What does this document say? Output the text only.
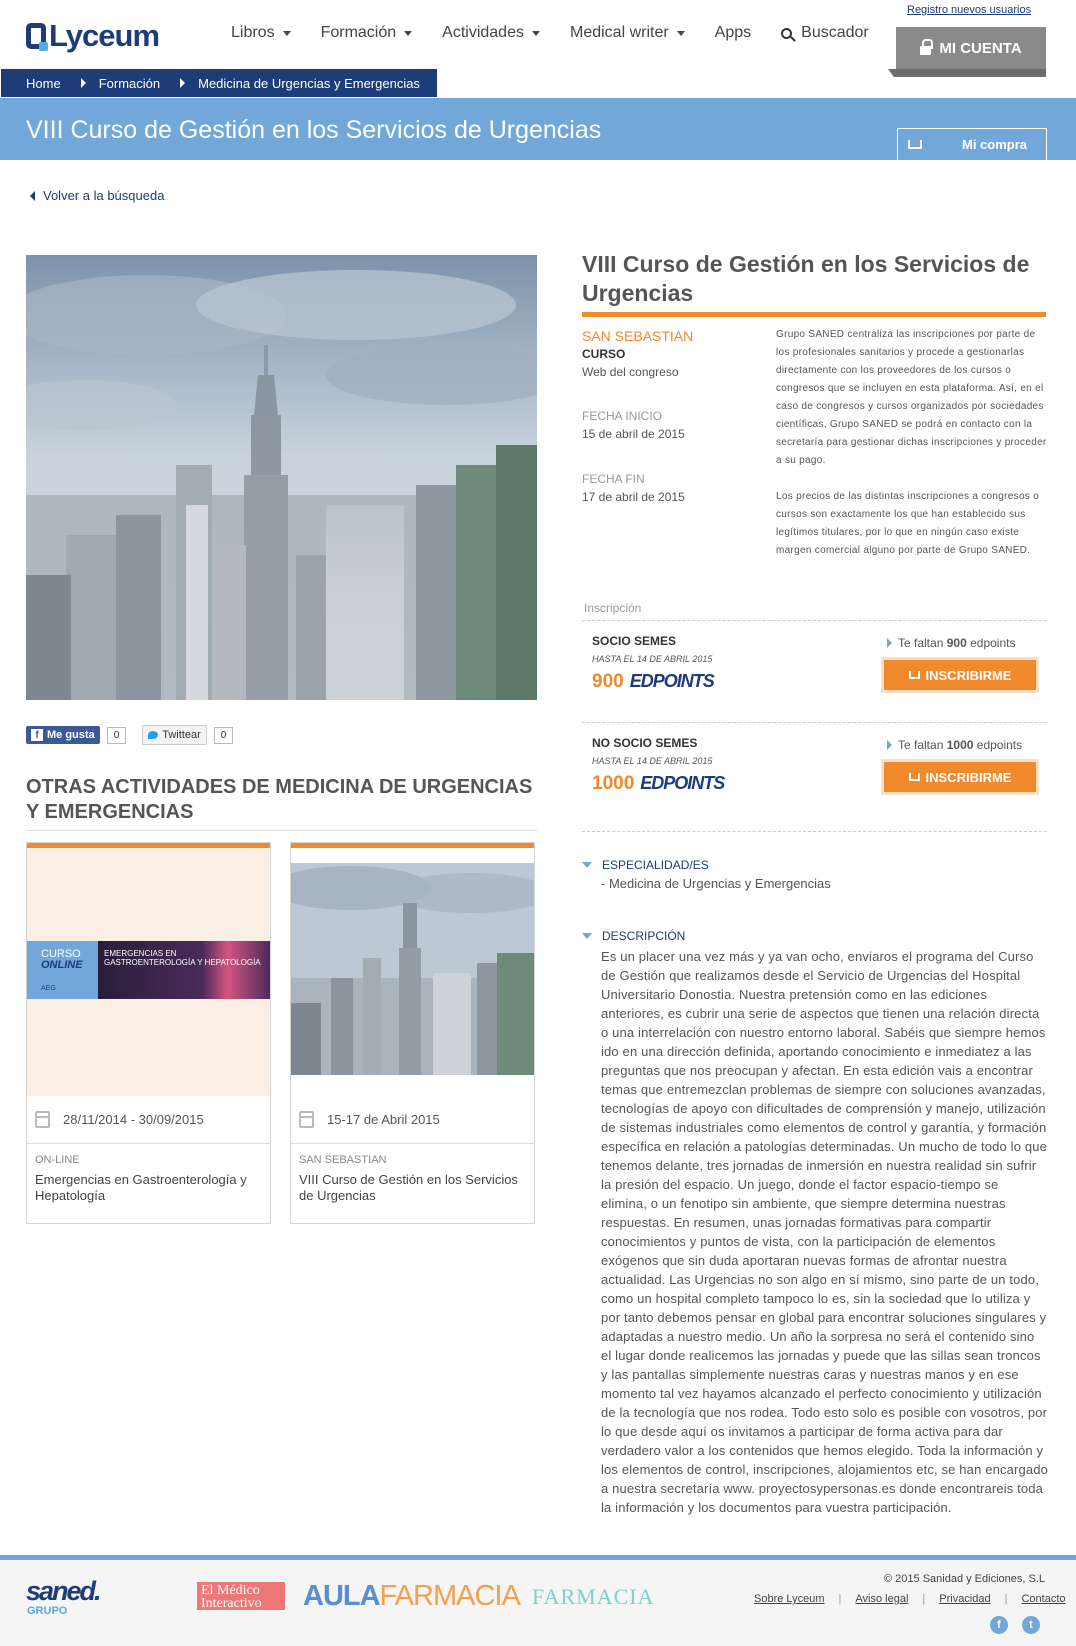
Lyceum	Libros	Formación	Actividades	Medical writer	Apps	Buscador
Registro nuevos usuarios
MI CUENTA
Home	Formación	Medicina de Urgencias y Emergencias
VIII Curso de Gestión en los Servicios de Urgencias
Mi compra
Volver a la búsqueda
f Me gusta	0	Twittear	0
OTRAS ACTIVIDADES DE MEDICINA DE URGENCIAS Y EMERGENCIAS
CURSO
ONLINE
AEG
EMERGENCIAS EN GASTROENTEROLOGÍA Y HEPATOLOGÍA
28/11/2014 - 30/09/2015
ON-LINE
Emergencias en Gastroenterología y Hepatología
15-17 de Abril 2015
SAN SEBASTIAN
VIII Curso de Gestión en los Servicios de Urgencias
VIII Curso de Gestión en los Servicios de Urgencias
SAN SEBASTIAN
CURSO
Web del congreso
FECHA INICIO
15 de abril de 2015
FECHA FIN
17 de abril de 2015

Grupo SANED centraliza las inscripciones por parte de los profesionales sanitarios y procede a gestionarlas directamente con los proveedores de los cursos o congresos que se incluyen en esta plataforma. Así, en el caso de congresos y cursos organizados por sociedades científicas, Grupo SANED se podrá en contacto con la secretaría para gestionar dichas inscripciones y proceder a su pago.

Los precios de las distintas inscripciones a congresos o cursos son exactamente los que han establecido sus legítimos titulares, por lo que en ningún caso existe margen comercial alguno por parte de Grupo SANED.

Inscripción
SOCIO SEMES
HASTA EL 14 DE ABRIL 2015
900 EDPOINTS
Te faltan
900
edpoints
INSCRIBIRME
NO SOCIO SEMES
HASTA EL 14 DE ABRIL 2015
1000 EDPOINTS
Te faltan
1000
edpoints
INSCRIBIRME
ESPECIALIDAD/ES
- Medicina de Urgencias y Emergencias
DESCRIPCIÓN
Es un placer una vez más y ya van ocho, enviaros el programa del Curso de Gestión que realizamos desde el Servicio de Urgencias del Hospital Universitario Donostia. Nuestra pretensión como en las ediciones anteriores, es cubrir una serie de aspectos que tienen una relación directa o una interrelación con nuestro entorno laboral. Sabéis que siempre hemos ido en una dirección definida, aportando conocimiento e inmediatez a las preguntas que nos preocupan y afectan. En esta edición vais a encontrar temas que entremezclan problemas de siempre con soluciones avanzadas, tecnologías de apoyo con dificultades de comprensión y manejo, utilización de sistemas industriales como elementos de control y garantía, y formación específica en relación a patologías determinadas. Un mucho de todo lo que tenemos delante, tres jornadas de inmersión en nuestra realidad sin sufrir la presión del espacio. Un juego, donde el factor espacio-tiempo se elimina, o un fenotipo sin ambiente, que siempre determina nuestras respuestas. En resumen, unas jornadas formativas para compartir conocimientos y puntos de vista, con la participación de elementos exógenos que sin duda aportaran nuevas formas de afrontar nuestra actualidad. Las Urgencias no son algo en sí mismo, sino parte de un todo, como un hospital completo tampoco lo es, sin la sociedad que lo utiliza y por tanto debemos pensar en global para encontrar soluciones singulares y adaptadas a nuestro medio. Un año la sorpresa no será el contenido sino el lugar donde realicemos las jornadas y puede que las sillas sean troncos y las pantallas simplemente nuestras caras y nuestras manos y en ese momento tal vez hayamos alcanzado el perfecto conocimiento y utilización de la tecnología que nos rodea. Todo esto solo es posible con vosotros, por lo que desde aquí os invitamos a participar de forma activa para dar verdadero valor a los contenidos que hemos elegido. Toda la información y los elementos de control, inscripciones, alojamientos etc, se han encargado a nuestra secretaría www. proyectosypersonas.es donde encontrareis toda la información y los documentos para vuestra participación.
saned.
GRUPO
El Médico Interactivo	AULAFARMACIA FARMACIA
© 2015 Sanidad y Ediciones, S.L
Sobre Lyceum | Aviso legal | Privacidad | Contacto
f	t
